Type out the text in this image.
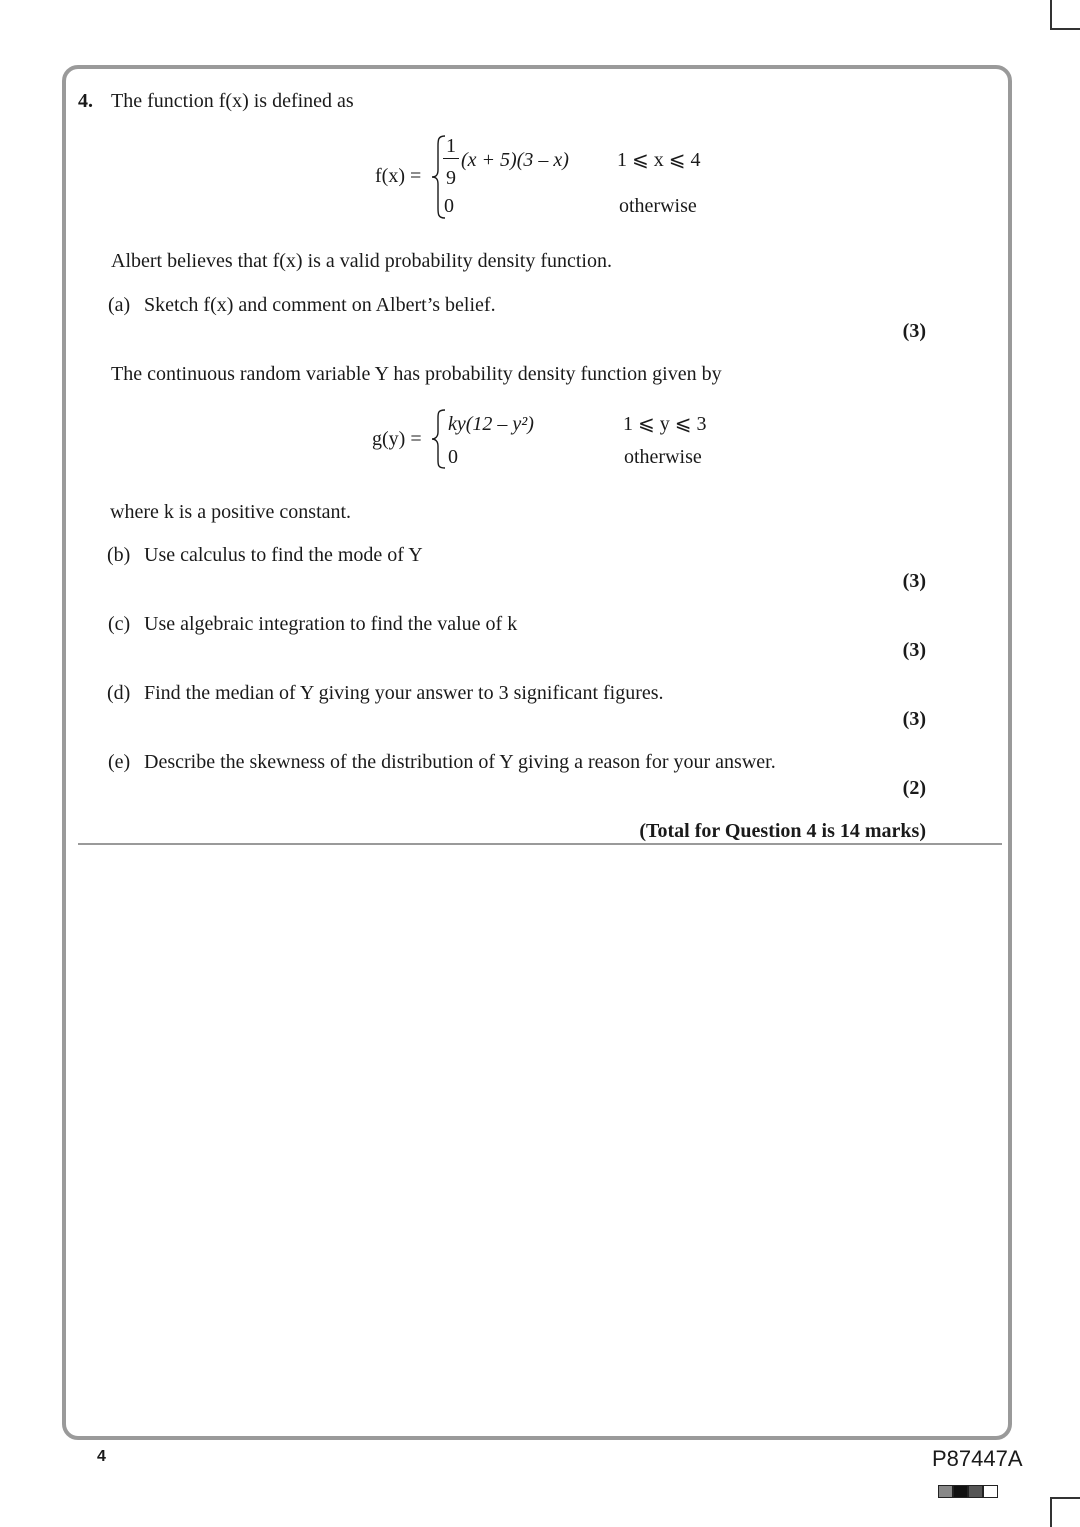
4. The function f(x) is defined as
f(x) =
1
9
(x + 5)(3 – x) 1 ⩽ x ⩽ 4
0	otherwise
Albert believes that f(x) is a valid probability density function.
(a) Sketch f(x) and comment on Albert’s belief.
(3)
The continuous random variable Y has probability density function given by
g(y) =
ky(12 – y²)	1 ⩽ y ⩽ 3
0	otherwise
where k is a positive constant.
(b) Use calculus to find the mode of Y
(3)
(c) Use algebraic integration to find the value of k
(3)
(d) Find the median of Y giving your answer to 3 significant figures.
(3)
(e) Describe the skewness of the distribution of Y giving a reason for your answer.
(2)
(Total for Question 4 is 14 marks)
4	P87447A
